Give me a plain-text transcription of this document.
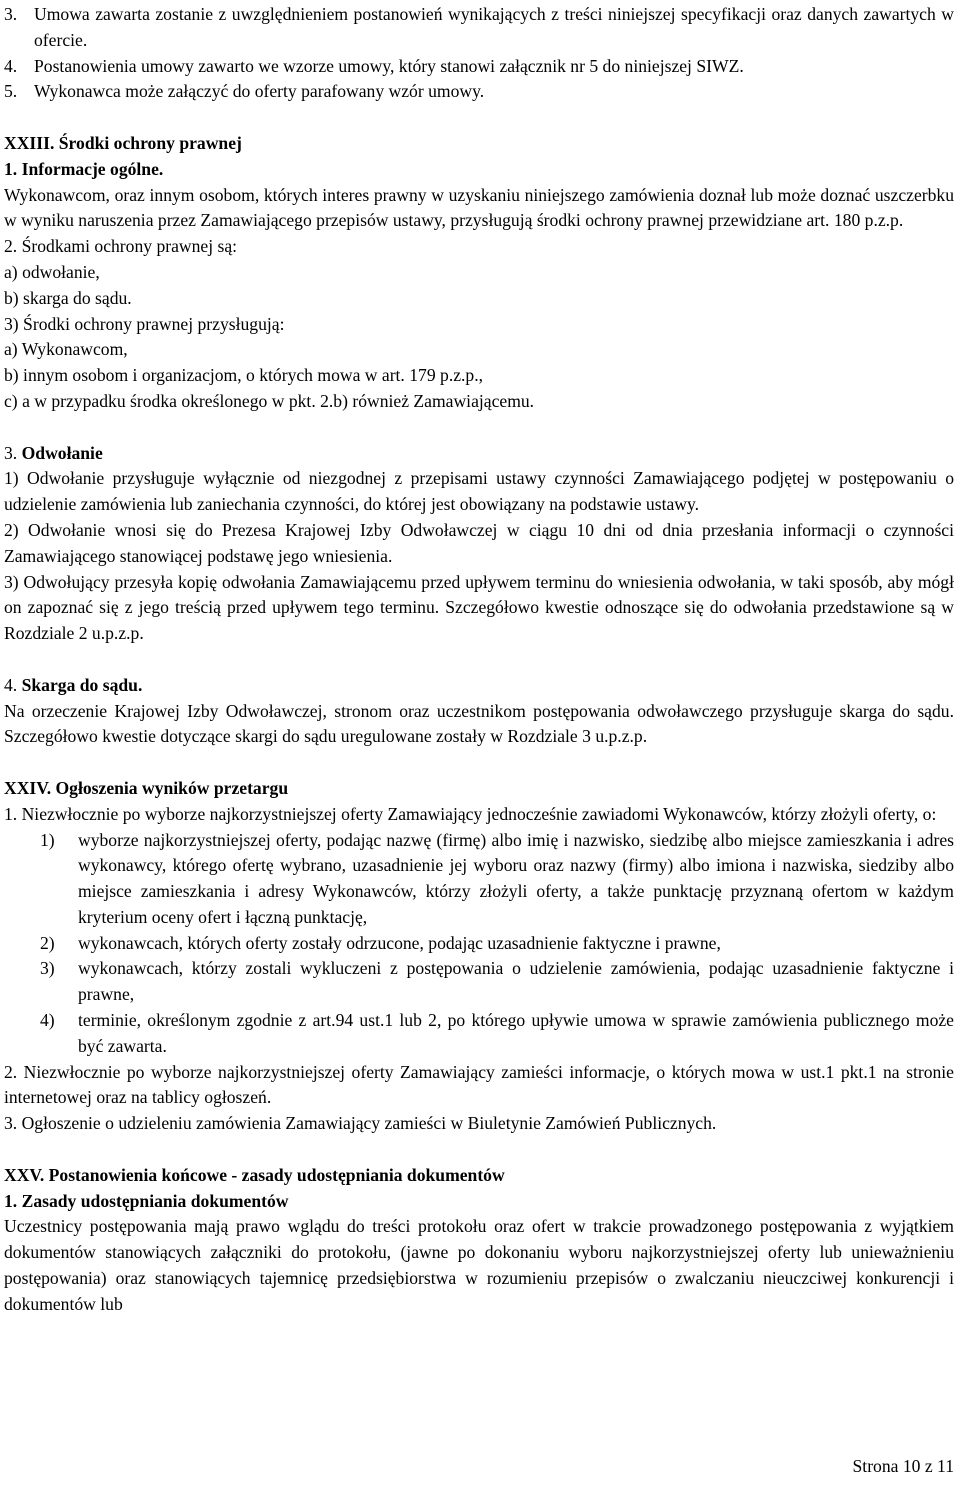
3. Umowa zawarta zostanie z uwzględnieniem postanowień wynikających z treści niniejszej specyfikacji oraz danych zawartych w ofercie.

4. Postanowienia umowy zawarto we wzorze umowy, który stanowi załącznik nr 5 do niniejszej SIWZ.

5. Wykonawca może załączyć do oferty parafowany wzór umowy.

XXIII. Środki ochrony prawnej

1. Informacje ogólne.

Wykonawcom, oraz innym osobom, których interes prawny w uzyskaniu niniejszego zamówienia doznał lub może doznać uszczerbku w wyniku naruszenia przez Zamawiającego przepisów ustawy, przysługują środki ochrony prawnej przewidziane art. 180 p.z.p.

2. Środkami ochrony prawnej są:

a) odwołanie,

b) skarga do sądu.

3) Środki ochrony prawnej przysługują:

a) Wykonawcom,

b) innym osobom i organizacjom, o których mowa w art. 179 p.z.p.,

c) a w przypadku środka określonego w pkt. 2.b) również Zamawiającemu.

3. Odwołanie

1) Odwołanie przysługuje wyłącznie od niezgodnej z przepisami ustawy czynności Zamawiającego podjętej w postępowaniu o udzielenie zamówienia lub zaniechania czynności, do której jest obowiązany na podstawie ustawy.

2) Odwołanie wnosi się do Prezesa Krajowej Izby Odwoławczej w ciągu 10 dni od dnia przesłania informacji o czynności Zamawiającego stanowiącej podstawę jego wniesienia.

3) Odwołujący przesyła kopię odwołania Zamawiającemu przed upływem terminu do wniesienia odwołania, w taki sposób, aby mógł on zapoznać się z jego treścią przed upływem tego terminu. Szczegółowo kwestie odnoszące się do odwołania przedstawione są w Rozdziale 2 u.p.z.p.

4. Skarga do sądu.

Na orzeczenie Krajowej Izby Odwoławczej, stronom oraz uczestnikom postępowania odwoławczego przysługuje skarga do sądu. Szczegółowo kwestie dotyczące skargi do sądu uregulowane zostały w Rozdziale 3 u.p.z.p.

XXIV. Ogłoszenia wyników przetargu

1. Niezwłocznie po wyborze najkorzystniejszej oferty Zamawiający jednocześnie zawiadomi Wykonawców, którzy złożyli oferty, o:

1)	wyborze najkorzystniejszej oferty, podając nazwę (firmę) albo imię i nazwisko, siedzibę albo miejsce zamieszkania i adres wykonawcy, którego ofertę wybrano, uzasadnienie jej wyboru oraz nazwy (firmy) albo imiona i nazwiska, siedziby albo miejsce zamieszkania i adresy Wykonawców, którzy złożyli oferty, a także punktację przyznaną ofertom w każdym kryterium oceny ofert i łączną punktację,
2)	wykonawcach, których oferty zostały odrzucone, podając uzasadnienie faktyczne i prawne,
3)	wykonawcach, którzy zostali wykluczeni z postępowania o udzielenie zamówienia, podając uzasadnienie faktyczne i prawne,
4)	terminie, określonym zgodnie z art.94 ust.1 lub 2, po którego upływie umowa w sprawie zamówienia publicznego może być zawarta.

2. Niezwłocznie po wyborze najkorzystniejszej oferty Zamawiający zamieści informacje, o których mowa w ust.1 pkt.1 na stronie internetowej oraz na tablicy ogłoszeń.

3. Ogłoszenie o udzieleniu zamówienia Zamawiający zamieści w Biuletynie Zamówień Publicznych.

XXV. Postanowienia końcowe - zasady udostępniania dokumentów

1. Zasady udostępniania dokumentów

Uczestnicy postępowania mają prawo wglądu do treści protokołu oraz ofert w trakcie prowadzonego postępowania z wyjątkiem dokumentów stanowiących załączniki do protokołu, (jawne po dokonaniu wyboru najkorzystniejszej oferty lub unieważnieniu postępowania) oraz stanowiących tajemnicę przedsiębiorstwa w rozumieniu przepisów o zwalczaniu nieuczciwej konkurencji i dokumentów lub

Strona 10 z 11
